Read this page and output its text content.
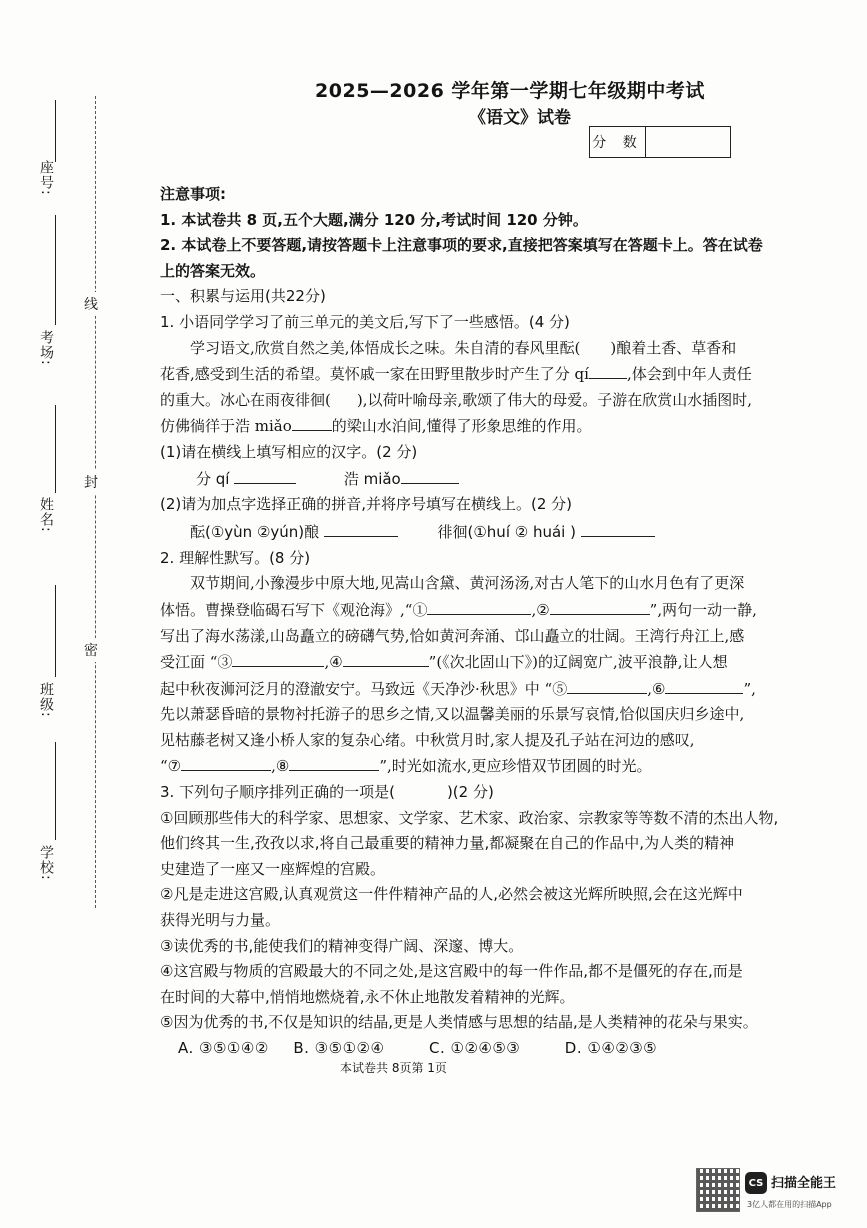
座号:
考场:
姓名:
班级:
学校:
线
封
密
2025—2026 学年第一学期七年级期中考试
《语文》试卷
分 数

注意事项:

1. 本试卷共 8 页,五个大题,满分 120 分,考试时间 120 分钟。

2. 本试卷上不要答题,请按答题卡上注意事项的要求,直接把答案填写在答题卡上。答在试卷

上的答案无效。

一、积累与运用(共22分)

1. 小语同学学习了前三单元的美文后,写下了一些感悟。(4 分)

学习语文,欣赏自然之美,体悟成长之味。朱自清的春风里酝( )酿着土香、草香和

花香,感受到生活的希望。莫怀戚一家在田野里散步时产生了分 qí	,体会到中年人责任

的重大。冰心在雨夜徘徊( ),以荷叶喻母亲,歌颂了伟大的母爱。子游在欣赏山水插图时,

仿佛徜徉于浩 miǎo	的梁山水泊间,懂得了形象思维的作用。

(1)请在横线上填写相应的汉字。(2 分)

分 qí	浩 miǎo

(2)请为加点字选择正确的拼音,并将序号填写在横线上。(2 分)

酝(①yùn ②yún)酿	徘徊(①huí ② huái )

2. 理解性默写。(8 分)

双节期间,小豫漫步中原大地,见嵩山含黛、黄河汤汤,对古人笔下的山水月色有了更深

体悟。曹操登临碣石写下《观沧海》,“①	,②	”,两句一动一静,

写出了海水荡漾,山岛矗立的磅礴气势,恰如黄河奔涌、邙山矗立的壮阔。王湾行舟江上,感

受江面 “③	,④	”(《次北固山下》)的辽阔宽广,波平浪静,让人想

起中秋夜浉河泛月的澄澈安宁。马致远《天净沙·秋思》中 “⑤	,⑥	”,

先以萧瑟昏暗的景物衬托游子的思乡之情,又以温馨美丽的乐景写哀情,恰似国庆归乡途中,

见枯藤老树又逢小桥人家的复杂心绪。中秋赏月时,家人提及孔子站在河边的感叹,

“⑦	,⑧	”,时光如流水,更应珍惜双节团圆的时光。

3. 下列句子顺序排列正确的一项是(	)(2 分)

①回顾那些伟大的科学家、思想家、文学家、艺术家、政治家、宗教家等等数不清的杰出人物,

他们终其一生,孜孜以求,将自己最重要的精神力量,都凝聚在自己的作品中,为人类的精神

史建造了一座又一座辉煌的宫殿。

②凡是走进这宫殿,认真观赏这一件件精神产品的人,必然会被这光辉所映照,会在这光辉中

获得光明与力量。

③读优秀的书,能使我们的精神变得广阔、深邃、博大。

④这宫殿与物质的宫殿最大的不同之处,是这宫殿中的每一件作品,都不是僵死的存在,而是

在时间的大幕中,悄悄地燃烧着,永不休止地散发着精神的光辉。

⑤因为优秀的书,不仅是知识的结晶,更是人类情感与思想的结晶,是人类精神的花朵与果实。

A. ③⑤①④② B. ③⑤①②④	C. ①②④⑤③	D. ①④②③⑤

本试卷共 8页第 1页
CS 扫描全能王
3亿人都在用的扫描App
